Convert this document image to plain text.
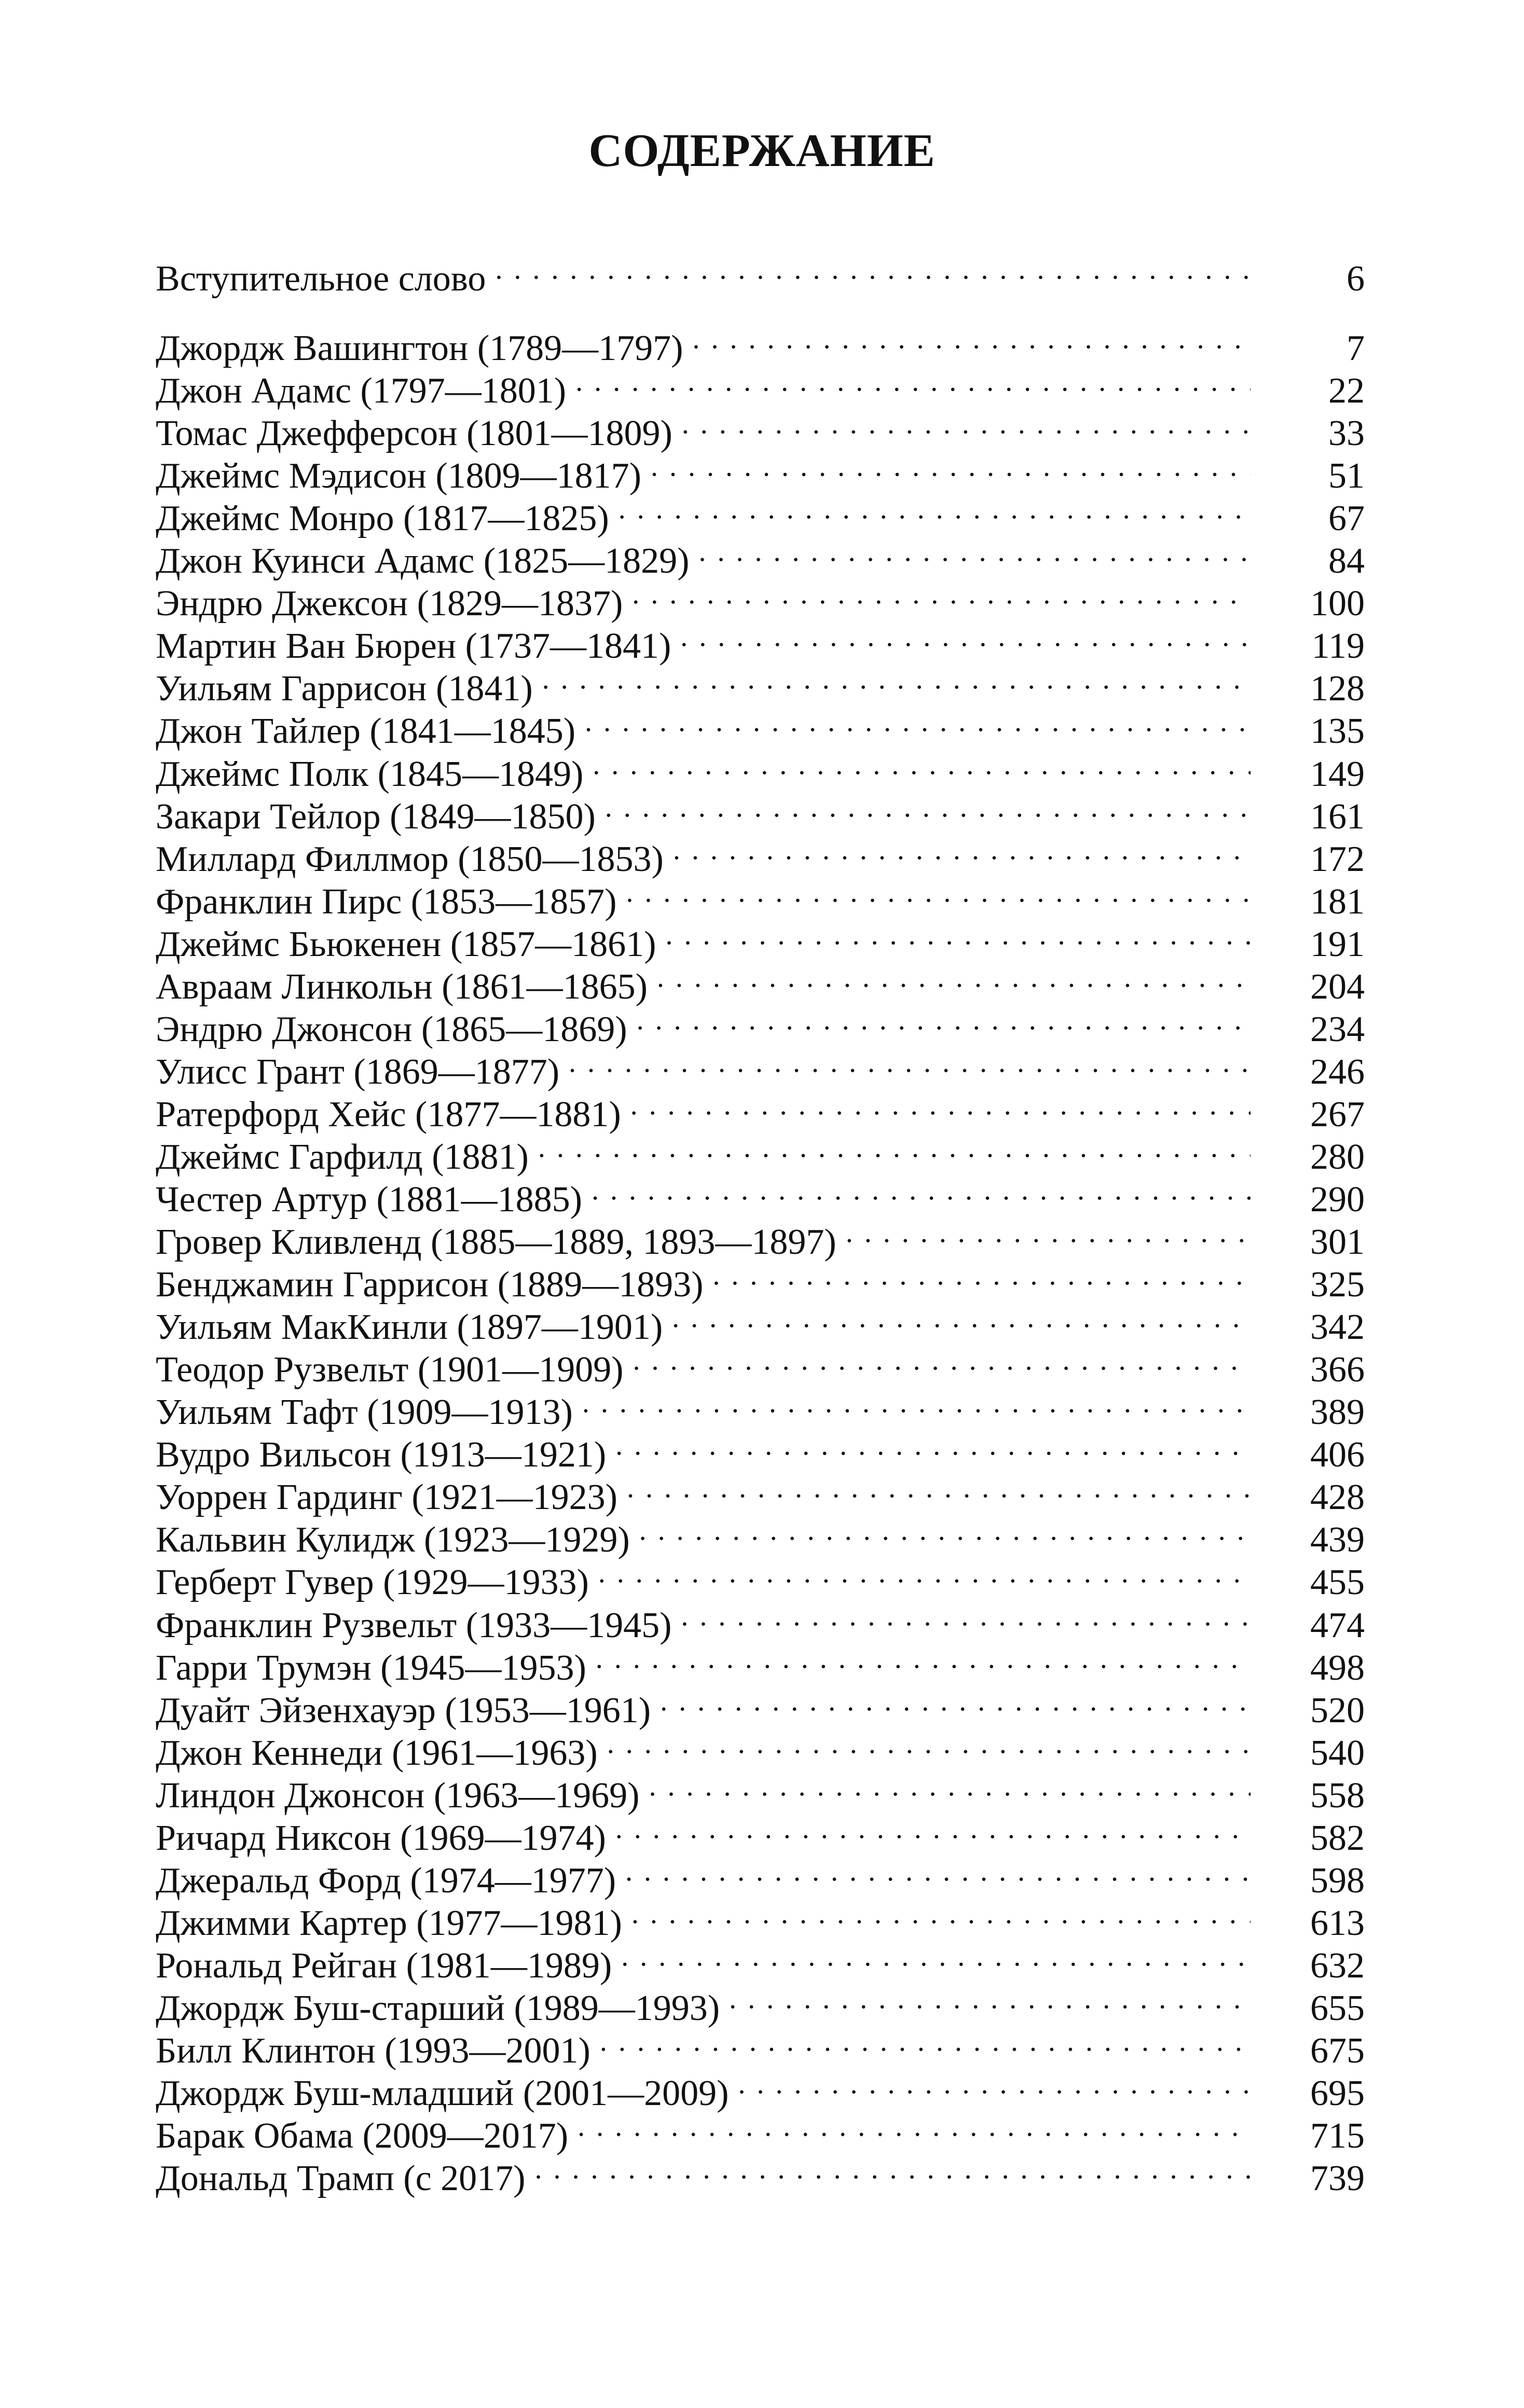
СОДЕРЖАНИЕ
Вступительное слово . . .	6
Джордж Вашингтон (1789—1797) . . .	7
Джон Адамс (1797—1801) . . .	22
Томас Джефферсон (1801—1809) . . .	33
Джеймс Мэдисон (1809—1817) . . .	51
Джеймс Монро (1817—1825) . . .	67
Джон Куинси Адамс (1825—1829) . . .	84
Эндрю Джексон (1829—1837) . . .	100
Мартин Ван Бюрен (1737—1841) . . .	119
Уильям Гаррисон (1841) . . .	128
Джон Тайлер (1841—1845) . . .	135
Джеймс Полк (1845—1849) . . .	149
Закари Тейлор (1849—1850) . . .	161
Миллард Филлмор (1850—1853) . . .	172
Франклин Пирс (1853—1857) . . .	181
Джеймс Бьюкенен (1857—1861) . . .	191
Авраам Линкольн (1861—1865) . . .	204
Эндрю Джонсон (1865—1869) . . .	234
Улисс Грант (1869—1877) . . .	246
Ратерфорд Хейс (1877—1881) . . .	267
Джеймс Гарфилд (1881) . . .	280
Честер Артур (1881—1885) . . .	290
Гровер Кливленд (1885—1889, 1893—1897) . . .	301
Бенджамин Гаррисон (1889—1893) . . .	325
Уильям МакКинли (1897—1901) . . .	342
Теодор Рузвельт (1901—1909) . . .	366
Уильям Тафт (1909—1913) . . .	389
Вудро Вильсон (1913—1921) . . .	406
Уоррен Гардинг (1921—1923) . . .	428
Кальвин Кулидж (1923—1929) . . .	439
Герберт Гувер (1929—1933) . . .	455
Франклин Рузвельт (1933—1945) . . .	474
Гарри Трумэн (1945—1953) . . .	498
Дуайт Эйзенхауэр (1953—1961) . . .	520
Джон Кеннеди (1961—1963) . . .	540
Линдон Джонсон (1963—1969) . . .	558
Ричард Никсон (1969—1974) . . .	582
Джеральд Форд (1974—1977) . . .	598
Джимми Картер (1977—1981) . . .	613
Рональд Рейган (1981—1989) . . .	632
Джордж Буш-старший (1989—1993) . . .	655
Билл Клинтон (1993—2001) . . .	675
Джордж Буш-младший (2001—2009) . . .	695
Барак Обама (2009—2017) . . .	715
Дональд Трамп (с 2017) . . .	739
